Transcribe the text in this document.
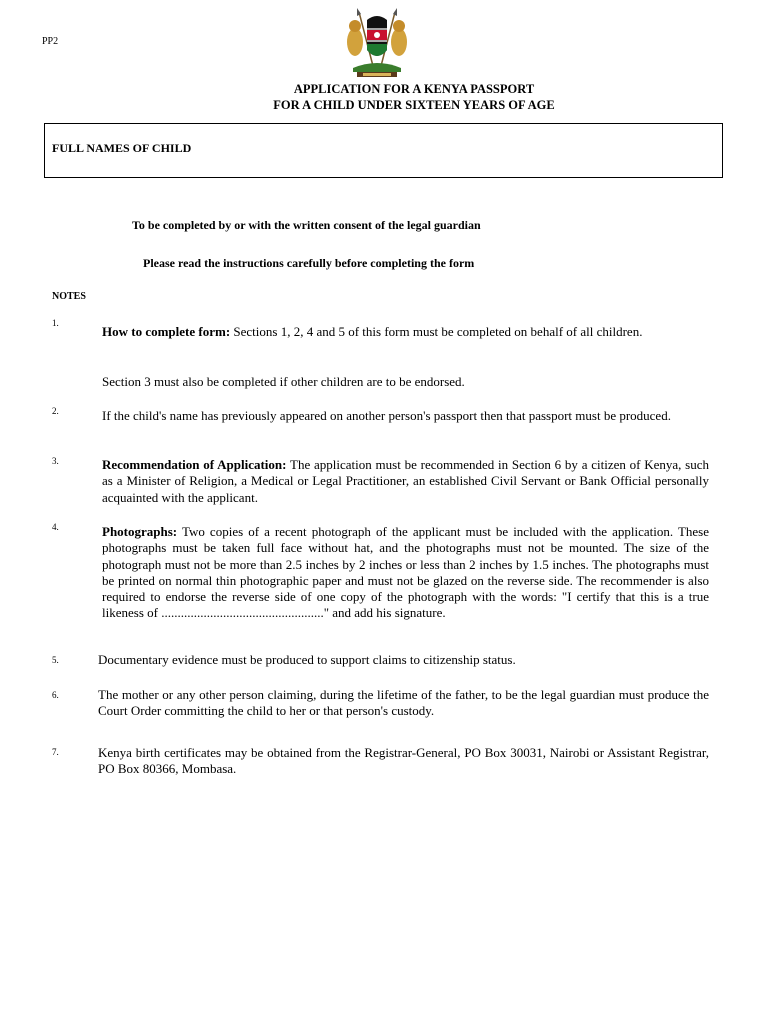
PP2
APPLICATION FOR A KENYA PASSPORT
FOR A CHILD UNDER SIXTEEN YEARS OF AGE
FULL NAMES OF CHILD
To be completed by or with the written consent of the legal guardian
Please read the instructions carefully before completing the form
NOTES
1.
How to complete form: Sections 1, 2, 4 and 5 of this form must be completed on behalf of all children.
Section 3 must also be completed if other children are to be endorsed.
2.	If the child's name has previously appeared on another person's passport then that passport must be produced.
3.	Recommendation of Application: The application must be recommended in Section 6 by a citizen of Kenya, such as a Minister of Religion, a Medical or Legal Practitioner, an established Civil Servant or Bank Official personally acquainted with the applicant.
4.	Photographs: Two copies of a recent photograph of the applicant must be included with the application. These photographs must be taken full face without hat, and the photographs must not be mounted. The size of the photograph must not be more than 2.5 inches by 2 inches or less than 2 inches by 1.5 inches. The photographs must be printed on normal thin photographic paper and must not be glazed on the reverse side. The recommender is also required to endorse the reverse side of one copy of the photograph with the words: "I certify that this is a true likeness of .................................................." and add his signature.
5.	Documentary evidence must be produced to support claims to citizenship status.
6.	The mother or any other person claiming, during the lifetime of the father, to be the legal guardian must produce the Court Order committing the child to her or that person's custody.
7.	Kenya birth certificates may be obtained from the Registrar-General, PO Box 30031, Nairobi or Assistant Registrar, PO Box 80366, Mombasa.
